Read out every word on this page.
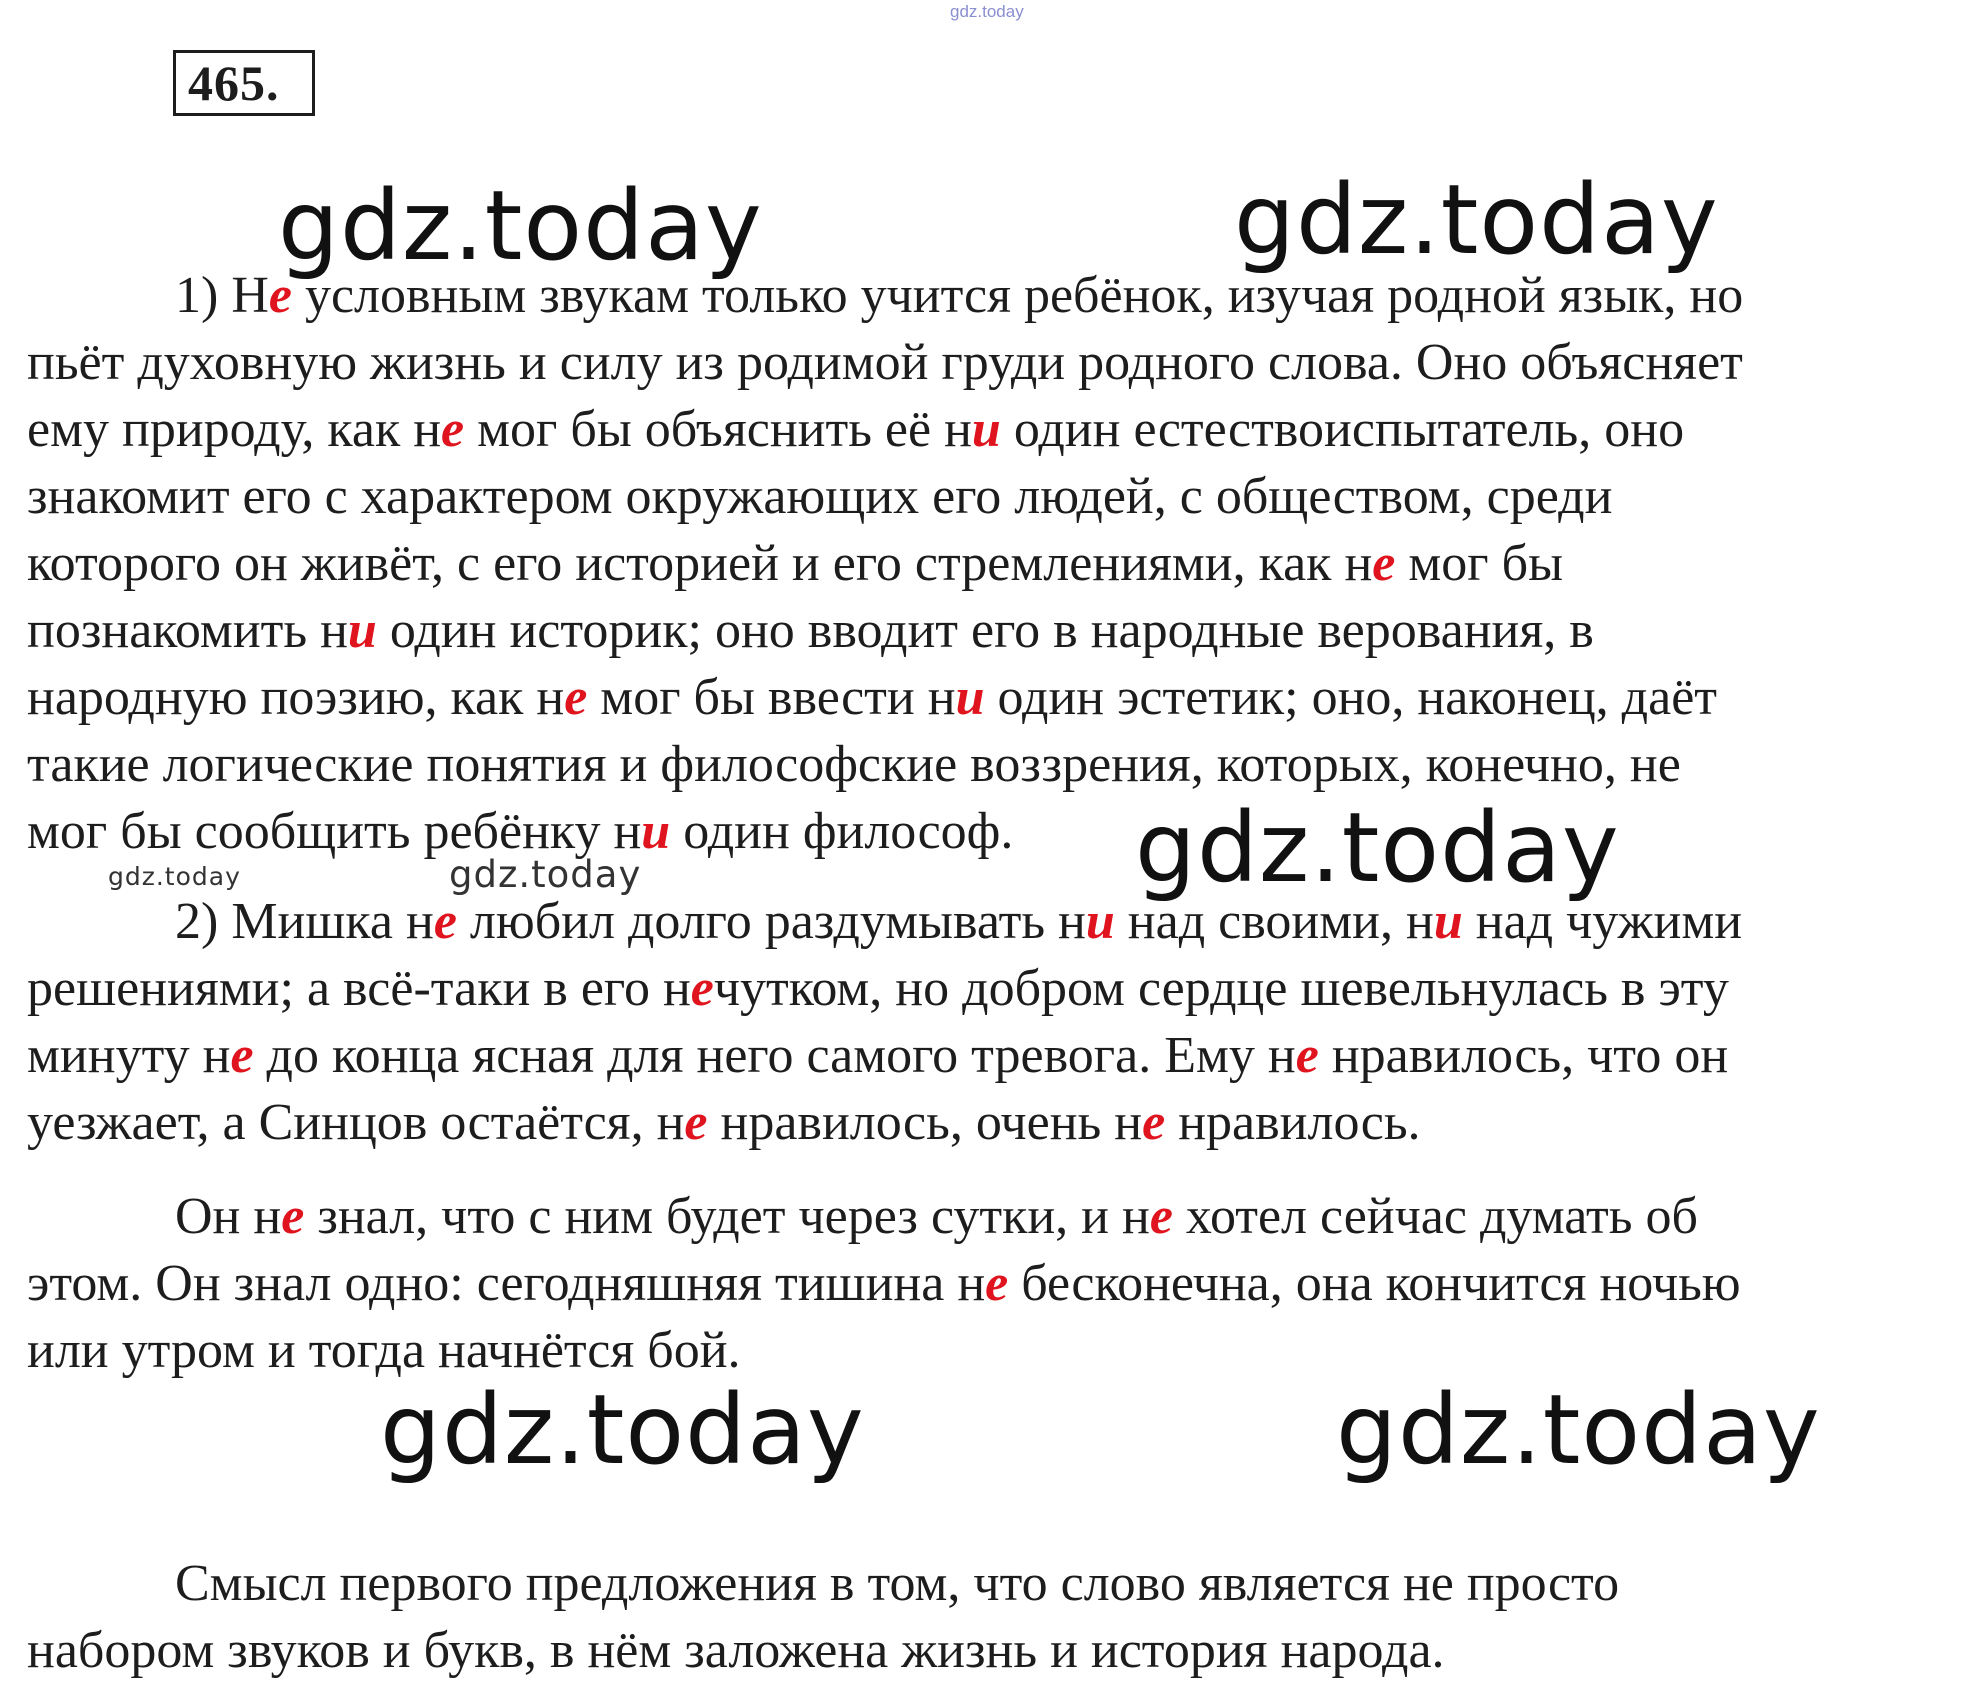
gdz.today
465.

1) Не условным звукам только учится ребёнок, изучая родной язык, но
пьёт духовную жизнь и силу из родимой груди родного слова. Оно объясняет
ему природу, как не мог бы объяснить её ни один естествоиспытатель, оно
знакомит его с характером окружающих его людей, с обществом, среди
которого он живёт, с его историей и его стремлениями, как не мог бы
познакомить ни один историк; оно вводит его в народные верования, в
народную поэзию, как не мог бы ввести ни один эстетик; оно, наконец, даёт
такие логические понятия и философские воззрения, которых, конечно, не
мог бы сообщить ребёнку ни один философ.

2) Мишка не любил долго раздумывать ни над своими, ни над чужими
решениями; а всё-таки в его нечутком, но добром сердце шевельнулась в эту
минуту не до конца ясная для него самого тревога. Ему не нравилось, что он
уезжает, а Синцов остаётся, не нравилось, очень не нравилось.

Он не знал, что с ним будет через сутки, и не хотел сейчас думать об
этом. Он знал одно: сегодняшняя тишина не бесконечна, она кончится ночью
или утром и тогда начнётся бой.

Смысл первого предложения в том, что слово является не просто
набором звуков и букв, в нём заложена жизнь и история народа.

gdz.today	gdz.today
gdz.today
gdz.today	gdz.today
gdz.today	gdz.today
